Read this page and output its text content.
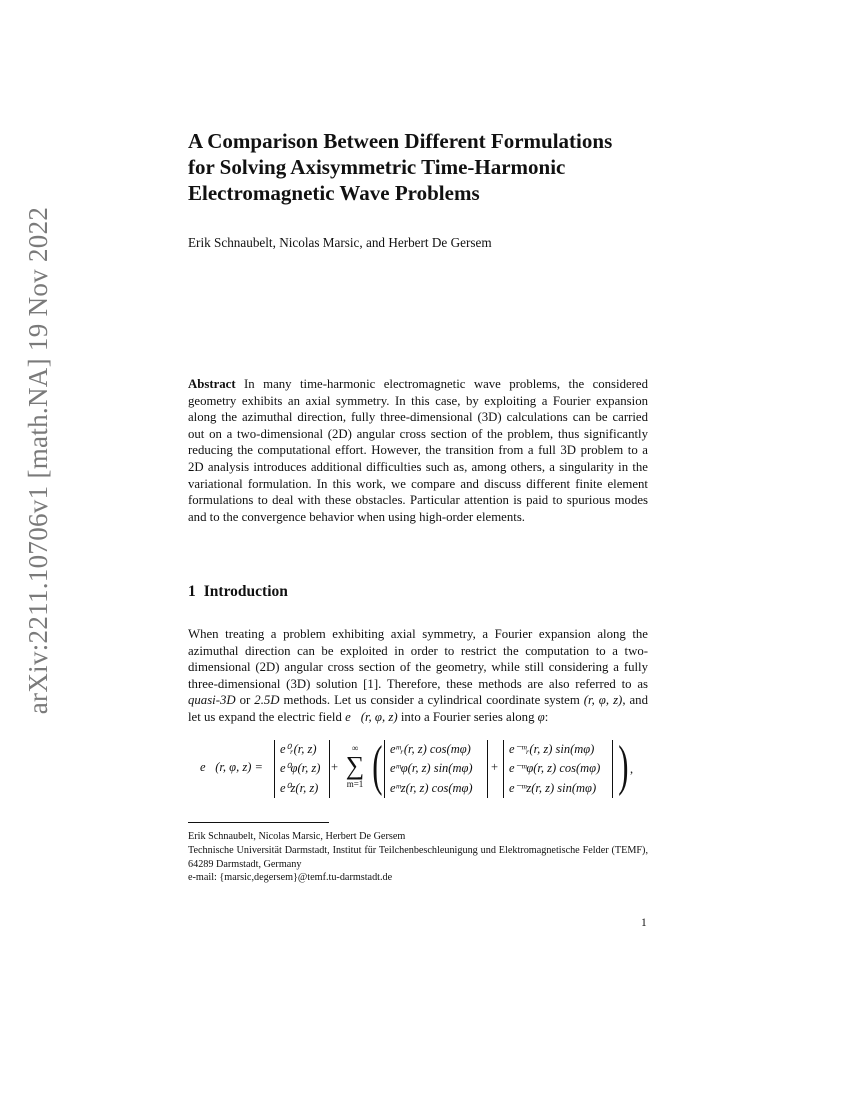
arXiv:2211.10706v1 [math.NA] 19 Nov 2022
A Comparison Between Different Formulations
for Solving Axisymmetric Time-Harmonic
Electromagnetic Wave Problems
Erik Schnaubelt, Nicolas Marsic, and Herbert De Gersem

Abstract In many time-harmonic electromagnetic wave problems, the considered geometry exhibits an axial symmetry. In this case, by exploiting a Fourier expansion along the azimuthal direction, fully three-dimensional (3D) calculations can be carried out on a two-dimensional (2D) angular cross section of the problem, thus significantly reducing the computational effort. However, the transition from a full 3D problem to a 2D analysis introduces additional difficulties such as, among others, a singularity in the variational formulation. In this work, we compare and discuss different finite element formulations to deal with these obstacles. Particular attention is paid to spurious modes and to the convergence behavior when using high-order elements.

1 Introduction

When treating a problem exhibiting axial symmetry, a Fourier expansion along the azimuthal direction can be exploited in order to restrict the computation to a two-dimensional (2D) angular cross section of the geometry, while still considering a fully three-dimensional (3D) solution [1]. Therefore, these methods are also referred to as quasi-3D or 2.5D methods. Let us consider a cylindrical coordinate system (r, φ, z), and let us expand the electric field e⃗(r, φ, z) into a Fourier series along φ:

e⃗(r, φ, z) =
e⁰ᵣ(r, z)
e⁰φ(r, z)
e⁰z(r, z)
+
∞
∑
m=1 ( eᵐᵣ(r, z) cos(mφ)
eᵐφ(r, z) sin(mφ)
eᵐz(r, z) cos(mφ)
+
e⁻ᵐᵣ(r, z) sin(mφ)
e⁻ᵐφ(r, z) cos(mφ)
e⁻ᵐz(r, z) sin(mφ) ) ,
Erik Schnaubelt, Nicolas Marsic, Herbert De Gersem
Technische Universität Darmstadt, Institut für Teilchenbeschleunigung und Elektromagnetische Felder (TEMF), 64289 Darmstadt, Germany
e-mail: {marsic,degersem}@temf.tu-darmstadt.de
1
